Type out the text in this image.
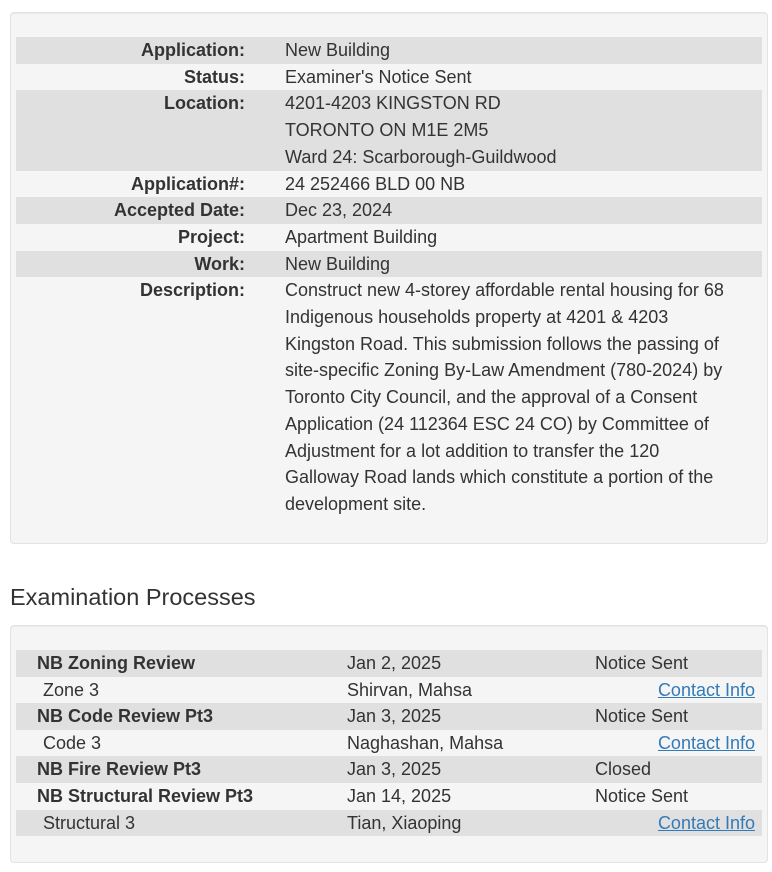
Application: New Building
Status: Examiner's Notice Sent
Location: 4201-4203 KINGSTON RD
TORONTO ON M1E 2M5
Ward 24: Scarborough-Guildwood
Application#: 24 252466 BLD 00 NB
Accepted Date: Dec 23, 2024
Project: Apartment Building
Work: New Building
Description: Construct new 4-storey affordable rental housing for 68
Indigenous households property at 4201 & 4203
Kingston Road. This submission follows the passing of
site-specific Zoning By-Law Amendment (780-2024) by
Toronto City Council, and the approval of a Consent
Application (24 112364 ESC 24 CO) by Committee of
Adjustment for a lot addition to transfer the 120
Galloway Road lands which constitute a portion of the
development site.
Examination Processes
NB Zoning Review	Jan 2, 2025	Notice Sent
Zone 3	Shirvan, Mahsa	Contact Info
NB Code Review Pt3	Jan 3, 2025	Notice Sent
Code 3	Naghashan, Mahsa	Contact Info
NB Fire Review Pt3	Jan 3, 2025	Closed
NB Structural Review Pt3	Jan 14, 2025	Notice Sent
Structural 3	Tian, Xiaoping	Contact Info
